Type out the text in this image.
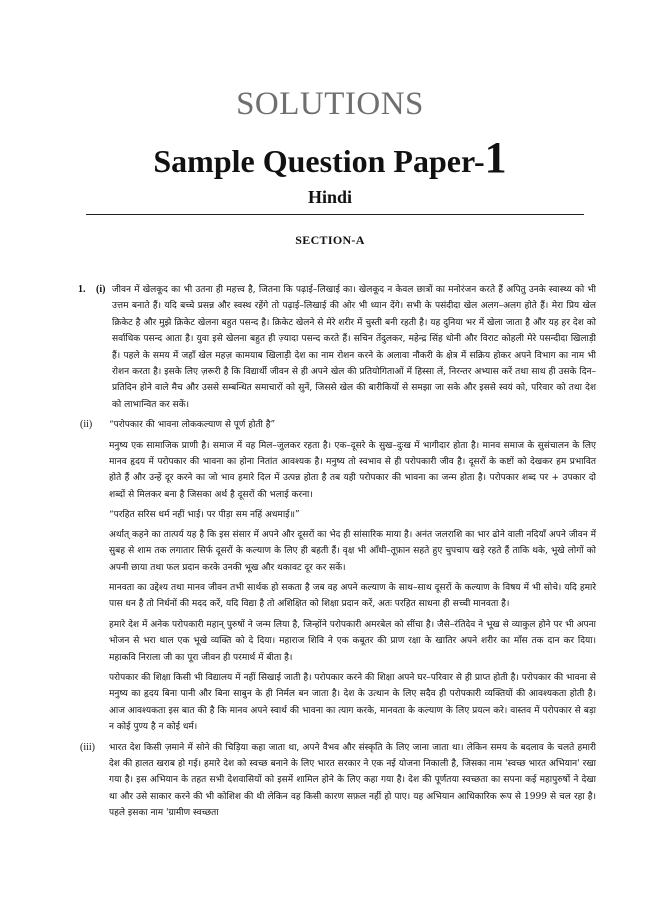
SOLUTIONS
Sample Question Paper-1
Hindi
SECTION-A
1. (i) जीवन में खेलकूद का भी उतना ही महत्त्व है, जितना कि पढ़ाई–लिखाई का। खेलकूद न केवल छात्रों का मनोरंजन करते हैं अपितु उनके स्वास्थ्य को भी उत्तम बनाते हैं। यदि बच्चे प्रसन्न और स्वस्थ रहेंगे तो पढ़ाई–लिखाई की ओर भी ध्यान देंगे। सभी के पसंदीदा खेल अलग–अलग होते हैं। मेरा प्रिय खेल क्रिकेट है और मुझे क्रिकेट खेलना बहुत पसन्द है। क्रिकेट खेलने से मेरे शरीर में चुस्ती बनी रहती है। यह दुनिया भर में खेला जाता है और यह हर देश को सर्वाधिक पसन्द आता है। युवा इसे खेलना बहुत ही ज़्यादा पसन्द करते हैं। सचिन तेंदुलकर, महेन्द्र सिंह धोनी और विराट कोहली मेरे पसन्दीदा खिलाड़ी हैं। पहले के समय में जहाँ खेल महज़ कामयाब खिलाड़ी देश का नाम रोशन करने के अलावा नौकरी के क्षेत्र में सक्रिय होकर अपने विभाग का नाम भी रोशन करता है। इसके लिए ज़रूरी है कि विद्यार्थी जीवन से ही अपने खेल की प्रतियोगिताओं में हिस्सा लें, निरन्तर अभ्यास करें तथा साथ ही उसके दिन–प्रतिदिन होने वाले मैच और उससे सम्बन्धित समाचारों को सुनें, जिससे खेल की बारीकियों से समझा जा सके और इससे स्वयं को, परिवार को तथा देश को लाभान्वित कर सकें।

(ii)	“परोपकार की भावना लोककल्याण से पूर्ण होती है”

मनुष्य एक सामाजिक प्राणी है। समाज में वह मिल–जुलकर रहता है। एक–दूसरे के सुख–दुःख में भागीदार होता है। मानव समाज के सुसंचालन के लिए मानव हृदय में परोपकार की भावना का होना नितांत आवश्यक है। मनुष्य तो स्वभाव से ही परोपकारी जीव है। दूसरों के कष्टों को देखकर हम प्रभावित होते हैं और उन्हें दूर करने का जो भाव हमारे दिल में उत्पन्न होता है तब यही परोपकार की भावना का जन्म होता है। परोपकार शब्द पर + उपकार दो शब्दों से मिलकर बना है जिसका अर्थ है दूसरों की भलाई करना।

“परहित सरिस धर्म नहीं भाई। पर पीड़ा सम नहिं अधमाई॥”

अर्थात् कहने का तात्पर्य यह है कि इस संसार में अपने और दूसरों का भेद ही सांसारिक माया है। अनंत जलराशि का भार ढोने वाली नदियाँ अपने जीवन में सुबह से शाम तक लगातार सिर्फ दूसरों के कल्याण के लिए ही बहती हैं। वृक्ष भी आँधी–तूफ़ान सहते हुए चुपचाप खड़े रहते हैं ताकि थके, भूखे लोगों को अपनी छाया तथा फल प्रदान करके उनकी भूख और थकावट दूर कर सकें।

मानवता का उद्देश्य तथा मानव जीवन तभी सार्थक हो सकता है जब वह अपने कल्याण के साथ–साथ दूसरों के कल्याण के विषय में भी सोचे। यदि हमारे पास धन है तो निर्धनों की मदद करें, यदि विद्या है तो अशिक्षित को शिक्षा प्रदान करें, अतः परहित साधना ही सच्ची मानवता है।

हमारे देश में अनेक परोपकारी महान् पुरुषों ने जन्म लिया है, जिन्होंने परोपकारी अमरबेल को सींचा है। जैसे–रंतिदेव ने भूख से व्याकुल होने पर भी अपना भोजन से भरा थाल एक भूखे व्यक्ति को दे दिया। महाराज शिवि ने एक कबूतर की प्राण रक्षा के खातिर अपने शरीर का माँस तक दान कर दिया। महाकवि निराला जी का पूरा जीवन ही परमार्थ में बीता है।

परोपकार की शिक्षा किसी भी विद्यालय में नहीं सिखाई जाती है। परोपकार करने की शिक्षा अपने घर–परिवार से ही प्राप्त होती है। परोपकार की भावना से मनुष्य का हृदय बिना पानी और बिना साबुन के ही निर्मल बन जाता है। देश के उत्थान के लिए सदैव ही परोपकारी व्यक्तियों की आवश्यकता होती है। आज आवश्यकता इस बात की है कि मानव अपने स्वार्थ की भावना का त्याग करके, मानवता के कल्याण के लिए प्रयत्न करे। वास्तव में परोपकार से बड़ा न कोई पुण्य है न कोई धर्म।

(iii)	भारत देश किसी ज़माने में सोने की चिड़िया कहा जाता था, अपने वैभव और संस्कृति के लिए जाना जाता था। लेकिन समय के बदलाव के चलते हमारी देश की हालत खराब हो गई। हमारे देश को स्वच्छ बनाने के लिए भारत सरकार ने एक नई योजना निकाली है, जिसका नाम 'स्वच्छ भारत अभियान' रखा गया है। इस अभियान के तहत सभी देशवासियों को इसमें शामिल होने के लिए कहा गया है। देश की पूर्णतया स्वच्छता का सपना कई महापुरुषों ने देखा था और उसे साकार करने की भी कोशिश की थी लेकिन वह किसी कारण सफ़ल नहीं हो पाए। यह अभियान आधिकारिक रूप से 1999 से चल रहा है। पहले इसका नाम 'ग्रामीण स्वच्छता
